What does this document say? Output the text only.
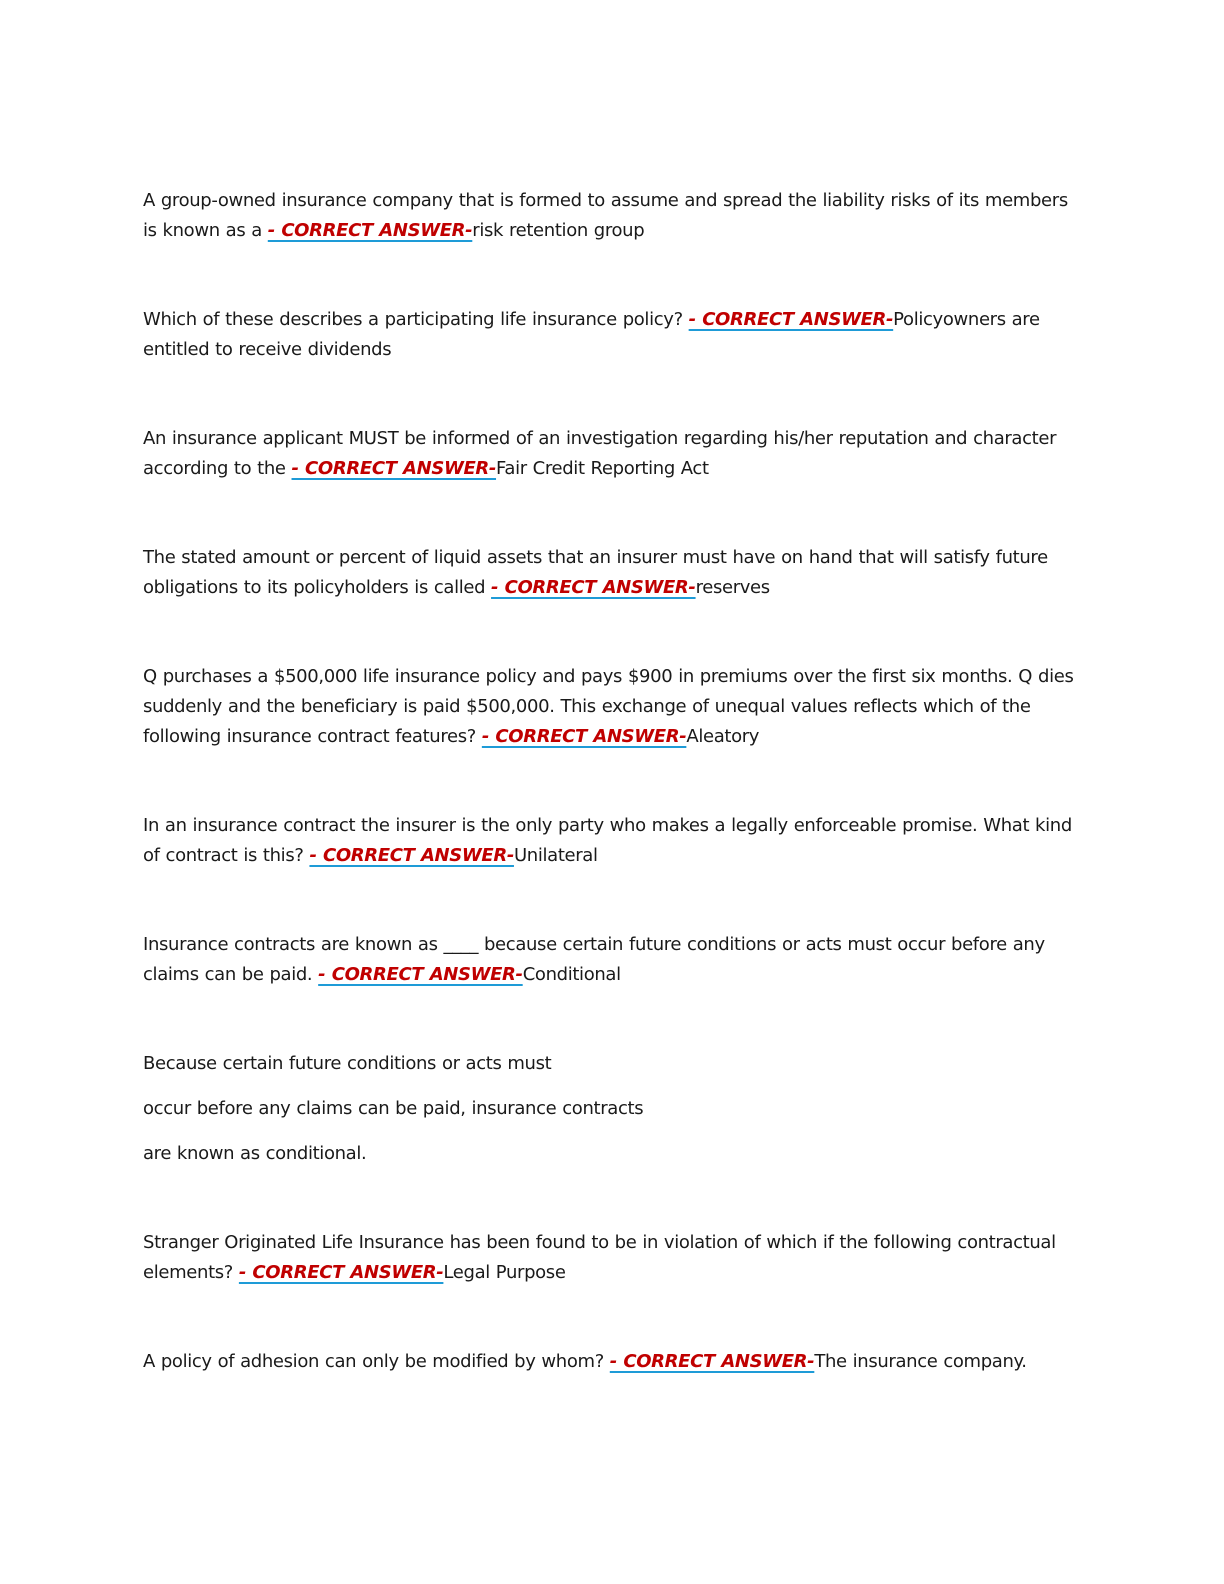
A group-owned insurance company that is formed to assume and spread the liability risks of its members is known as a - CORRECT ANSWER-risk retention group

Which of these describes a participating life insurance policy? - CORRECT ANSWER-Policyowners are entitled to receive dividends

An insurance applicant MUST be informed of an investigation regarding his/her reputation and character according to the - CORRECT ANSWER-Fair Credit Reporting Act

The stated amount or percent of liquid assets that an insurer must have on hand that will satisfy future obligations to its policyholders is called - CORRECT ANSWER-reserves

Q purchases a $500,000 life insurance policy and pays $900 in premiums over the first six months. Q dies suddenly and the beneficiary is paid $500,000. This exchange of unequal values reflects which of the following insurance contract features? - CORRECT ANSWER-Aleatory

In an insurance contract the insurer is the only party who makes a legally enforceable promise. What kind of contract is this? - CORRECT ANSWER-Unilateral

Insurance contracts are known as ____ because certain future conditions or acts must occur before any claims can be paid. - CORRECT ANSWER-Conditional

Because certain future conditions or acts must

occur before any claims can be paid, insurance contracts

are known as conditional.

Stranger Originated Life Insurance has been found to be in violation of which if the following contractual elements? - CORRECT ANSWER-Legal Purpose

A policy of adhesion can only be modified by whom? - CORRECT ANSWER-The insurance company.
